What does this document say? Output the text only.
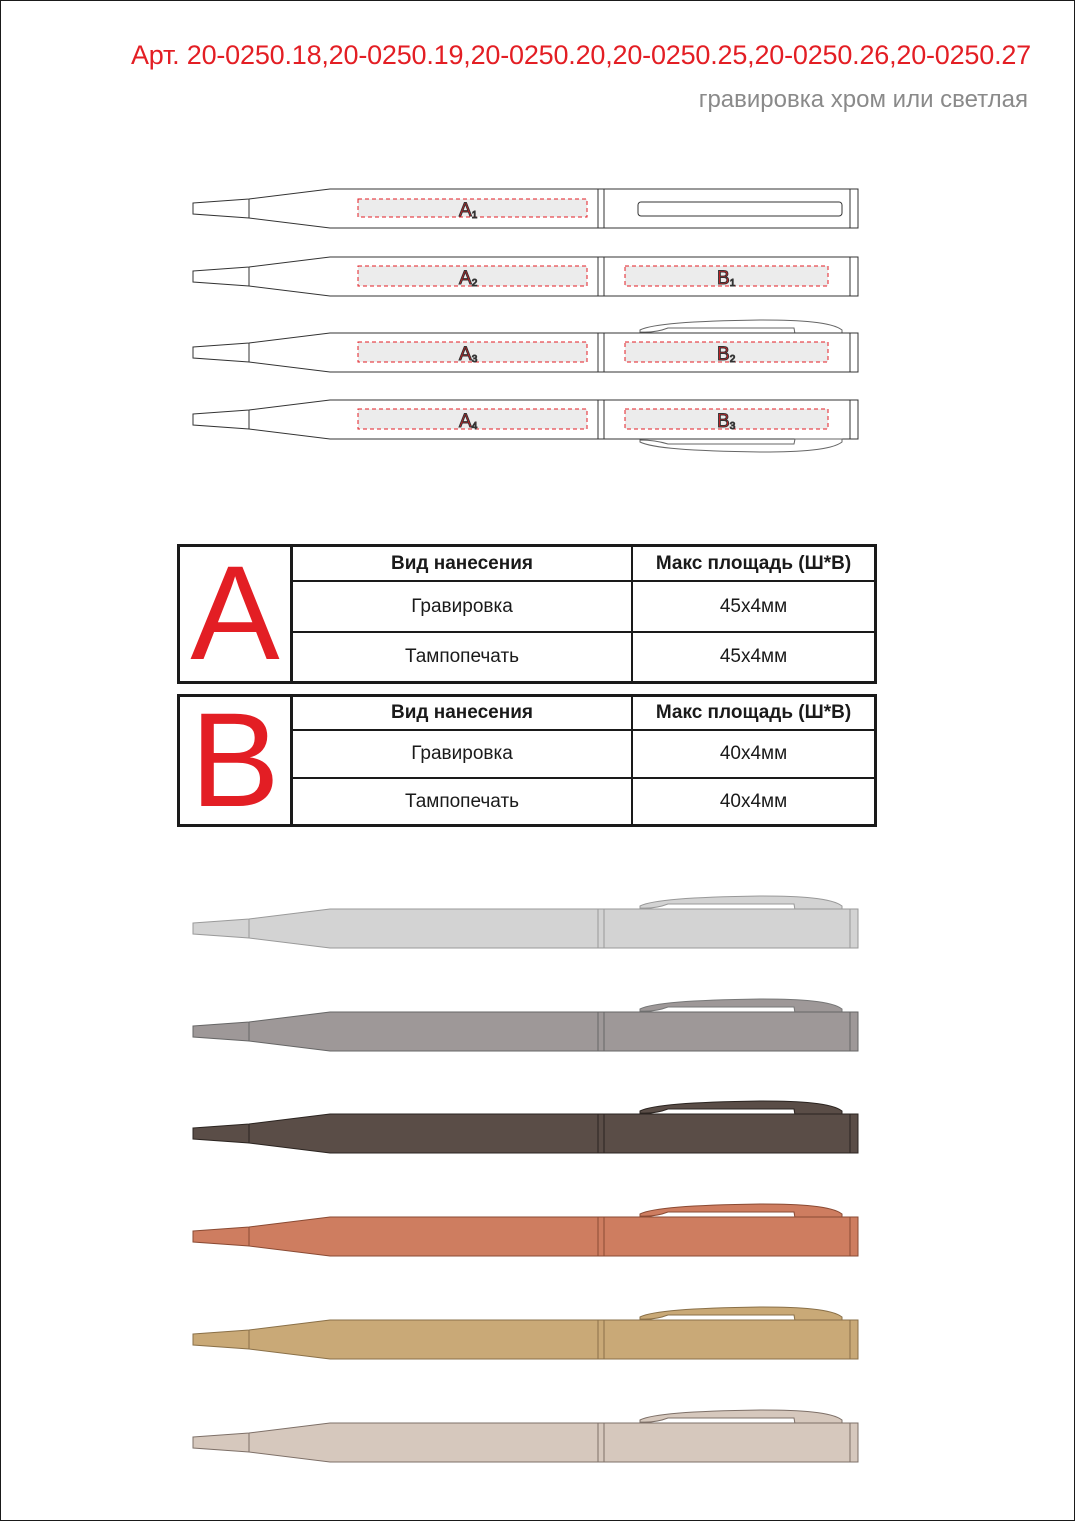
Арт. 20-0250.18,20-0250.19,20-0250.20,20-0250.25,20-0250.26,20-0250.27

гравировка хром или светлая

A1
A2	B1
A3	B2
A4	B3
A	Вид нанесения	Макс площадь (Ш*В)
Гравировка	45x4мм
Тампопечать	45x4мм
B	Вид нанесения	Макс площадь (Ш*В)
Гравировка	40x4мм
Тампопечать	40x4мм
